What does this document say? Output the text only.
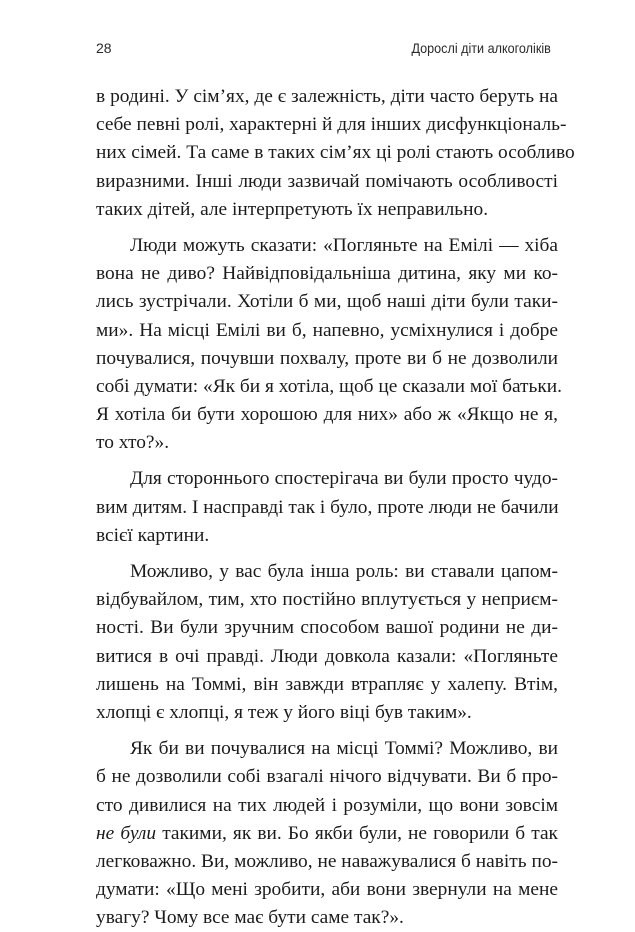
28	Дорослі діти алкоголіків
в родині. У сім’ях, де є залежність, діти часто беруть на
себе певні ролі, характерні й для інших дисфункціональ-
них сімей. Та саме в таких сім’ях ці ролі стають особливо
виразними. Інші люди зазвичай помічають особливості
таких дітей, але інтерпретують їх неправильно.
Люди можуть сказати: «Погляньте на Емілі — хіба
вона не диво? Найвідповідальніша дитина, яку ми ко-
лись зустрічали. Хотіли б ми, щоб наші діти були таки-
ми». На місці Емілі ви б, напевно, усміхнулися і добре
почувалися, почувши похвалу, проте ви б не дозволили
собі думати: «Як би я хотіла, щоб це сказали мої батьки.
Я хотіла би бути хорошою для них» або ж «Якщо не я,
то хто?».
Для стороннього спостерігача ви були просто чудо-
вим дитям. І насправді так і було, проте люди не бачили
всієї картини.
Можливо, у вас була інша роль: ви ставали цапом-
відбувайлом, тим, хто постійно вплутується у неприєм-
ності. Ви були зручним способом вашої родини не ди-
витися в очі правді. Люди довкола казали: «Погляньте
лишень на Томмі, він завжди втрапляє у халепу. Втім,
хлопці є хлопці, я теж у його віці був таким».
Як би ви почувалися на місці Томмі? Можливо, ви
б не дозволили собі взагалі нічого відчувати. Ви б про-
сто дивилися на тих людей і розуміли, що вони зовсім
не були такими, як ви. Бо якби були, не говорили б так
легковажно. Ви, можливо, не наважувалися б навіть по-
думати: «Що мені зробити, аби вони звернули на мене
увагу? Чому все має бути саме так?».
